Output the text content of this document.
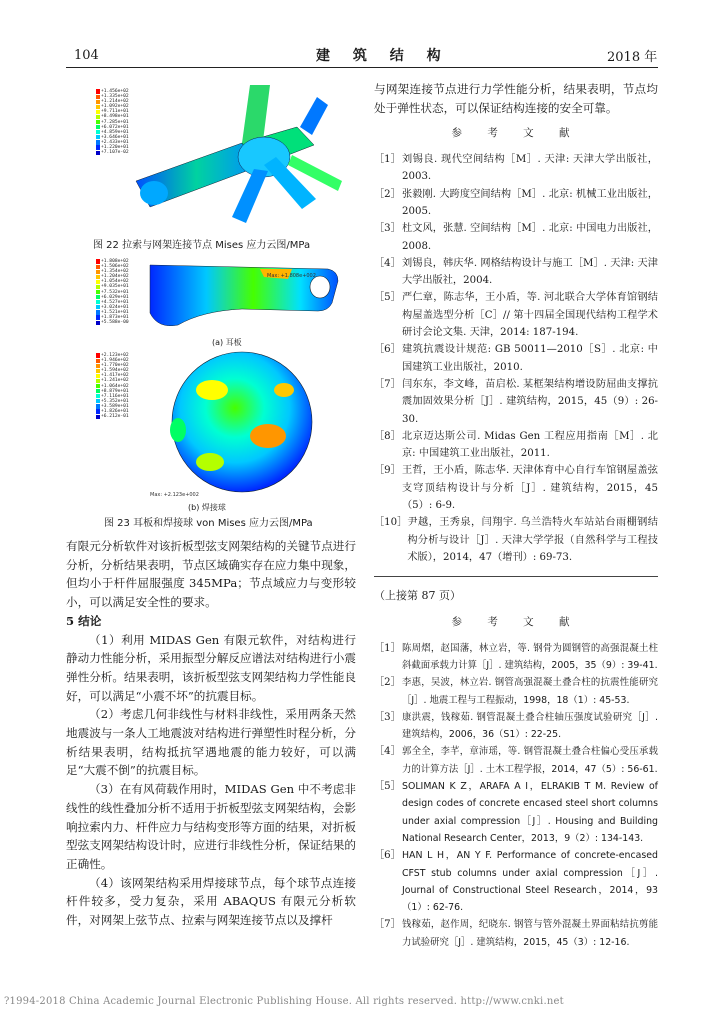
104	建 筑 结 构	2018 年
+1.456e+02
+1.335e+02
+1.214e+02
+1.092e+02
+9.711e+01
+8.498e+01
+7.285e+01
+6.072e+01
+4.859e+01
+3.646e+01
+2.433e+01
+1.220e+01
+7.107e-02
图 22 拉索与网架连接节点 Mises 应力云图/MPa
+1.808e+02
+1.506e+02
+1.354e+02
+1.204e+02
+1.054e+02
+9.035e+01
+7.532e+01
+6.029e+01
+4.527e+01
+3.024e+01
+1.521e+01
+1.873e+01
+5.588e-00
Max: +1.808e+002
(a) 耳板
+2.123e+02
+1.946e+02
+1.770e+02
+1.594e+02
+1.417e+02
+1.241e+02
+1.064e+02
+8.879e+01
+7.116e+01
+5.352e+01
+3.589e+01
+1.826e+01
+6.212e-01
Max: +2.123e+002
(b) 焊接球
图 23 耳板和焊接球 von Mises 应力云图/MPa

有限元分析软件对该折板型弦支网架结构的关键节点进行分析，分析结果表明，节点区域确实存在应力集中现象，但均小于杆件屈服强度 345MPa；节点域应力与变形较小，可以满足安全性的要求。

5 结论

（1）利用 MIDAS Gen 有限元软件，对结构进行静动力性能分析，采用振型分解反应谱法对结构进行小震弹性分析。结果表明，该折板型弦支网架结构力学性能良好，可以满足“小震不坏”的抗震目标。

（2）考虑几何非线性与材料非线性，采用两条天然地震波与一条人工地震波对结构进行弹塑性时程分析，分析结果表明，结构抵抗罕遇地震的能力较好，可以满足“大震不倒”的抗震目标。

（3）在有风荷载作用时，MIDAS Gen 中不考虑非线性的线性叠加分析不适用于折板型弦支网架结构，会影响拉索内力、杆件应力与结构变形等方面的结果，对折板型弦支网架结构设计时，应进行非线性分析，保证结果的正确性。

（4）该网架结构采用焊接球节点，每个球节点连接杆件较多，受力复杂，采用 ABAQUS 有限元分析软件，对网架上弦节点、拉索与网架连接节点以及撑杆

与网架连接节点进行力学性能分析，结果表明，节点均处于弹性状态，可以保证结构连接的安全可靠。

参 考 文 献
［1］ 刘锡良. 现代空间结构［M］. 天津: 天津大学出版社，2003.
［2］ 张毅刚. 大跨度空间结构［M］. 北京: 机械工业出版社，2005.
［3］ 杜文风，张慧. 空间结构［M］. 北京: 中国电力出版社，2008.
［4］ 刘锡良，韩庆华. 网格结构设计与施工［M］. 天津: 天津大学出版社，2004.
［5］ 严仁章，陈志华，王小盾，等. 河北联合大学体育馆钢结构屋盖选型分析［C］// 第十四届全国现代结构工程学术研讨会论文集. 天津，2014: 187-194.
［6］ 建筑抗震设计规范: GB 50011—2010［S］. 北京: 中国建筑工业出版社，2010.
［7］ 闫东东，李文峰，苗启松. 某框架结构增设防屈曲支撑抗震加固效果分析［J］. 建筑结构，2015，45（9）: 26-30.
［8］ 北京迈达斯公司. Midas Gen 工程应用指南［M］. 北京: 中国建筑工业出版社，2011.
［9］ 王哲，王小盾，陈志华. 天津体育中心自行车馆钢屋盖弦支穹顶结构设计与分析［J］. 建筑结构，2015，45（5）: 6-9.
［10］ 尹越，王秀泉，闫翔宇. 乌兰浩特火车站站台雨棚钢结构分析与设计［J］. 天津大学学报（自然科学与工程技术版），2014，47（增刊）: 69-73.
（上接第 87 页）
参 考 文 献
［1］ 陈周熠，赵国藩，林立岩，等. 钢骨为圆钢管的高强混凝土柱斜截面承载力计算［J］. 建筑结构，2005，35（9）: 39-41.
［2］ 李惠，吴波，林立岩. 钢管高强混凝土叠合柱的抗震性能研究［J］. 地震工程与工程振动，1998，18（1）: 45-53.
［3］ 康洪震，钱稼茹. 钢管混凝土叠合柱轴压强度试验研究［J］. 建筑结构，2006，36（S1）: 22-25.
［4］ 郭全全，李芊，章沛瑶，等. 钢管混凝土叠合柱偏心受压承载力的计算方法［J］. 土木工程学报，2014，47（5）: 56-61.
［5］ SOLIMAN K Z，ARAFA A I，ELRAKIB T M. Review of design codes of concrete encased steel short columns under axial compression［J］. Housing and Building National Research Center，2013，9（2）: 134-143.
［6］ HAN L H，AN Y F. Performance of concrete-encased CFST stub columns under axial compression［J］. Journal of Constructional Steel Research，2014，93（1）: 62-76.
［7］ 钱稼茹，赵作周，纪晓东. 钢管与管外混凝土界面粘结抗剪能力试验研究［J］. 建筑结构，2015，45（3）: 12-16.
?1994-2018 China Academic Journal Electronic Publishing House. All rights reserved. http://www.cnki.net
